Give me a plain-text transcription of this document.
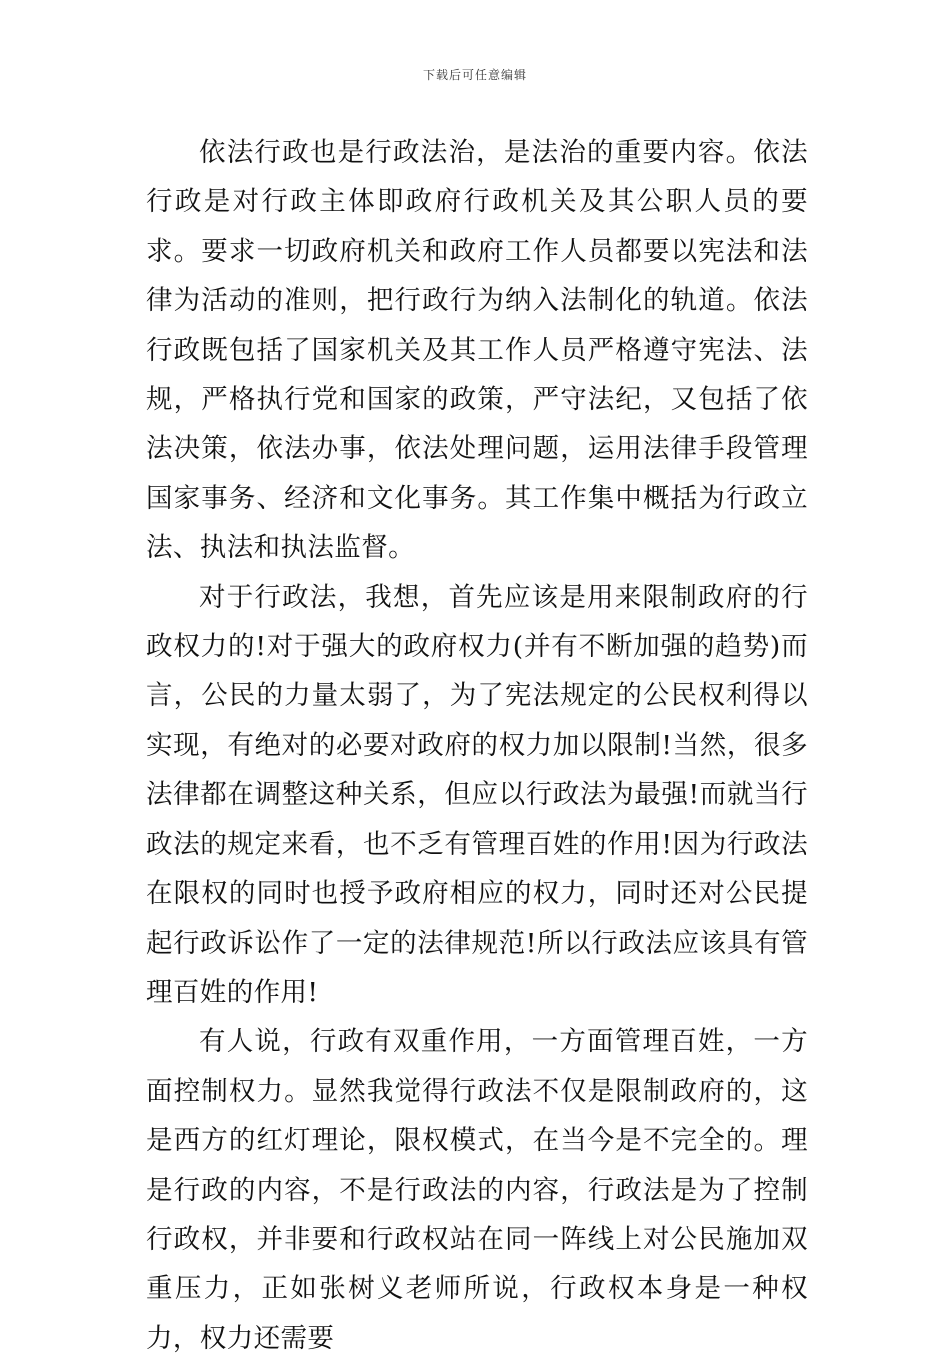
下载后可任意编辑

依法行政也是行政法治，是法治的重要内容。依法行政是对行政主体即政府行政机关及其公职人员的要求。要求一切政府机关和政府工作人员都要以宪法和法律为活动的准则，把行政行为纳入法制化的轨道。依法行政既包括了国家机关及其工作人员严格遵守宪法、法规，严格执行党和国家的政策，严守法纪，又包括了依法决策，依法办事，依法处理问题，运用法律手段管理国家事务、经济和文化事务。其工作集中概括为行政立法、执法和执法监督。

对于行政法，我想，首先应该是用来限制政府的行政权力的!对于强大的政府权力(并有不断加强的趋势)而言，公民的力量太弱了，为了宪法规定的公民权利得以实现，有绝对的必要对政府的权力加以限制!当然，很多法律都在调整这种关系，但应以行政法为最强!而就当行政法的规定来看，也不乏有管理百姓的作用!因为行政法在限权的同时也授予政府相应的权力，同时还对公民提起行政诉讼作了一定的法律规范!所以行政法应该具有管理百姓的作用!

有人说，行政有双重作用，一方面管理百姓，一方面控制权力。显然我觉得行政法不仅是限制政府的，这是西方的红灯理论，限权模式，在当今是不完全的。理是行政的内容，不是行政法的内容，行政法是为了控制行政权，并非要和行政权站在同一阵线上对公民施加双重压力，正如张树义老师所说，行政权本身是一种权力，权力还需要
